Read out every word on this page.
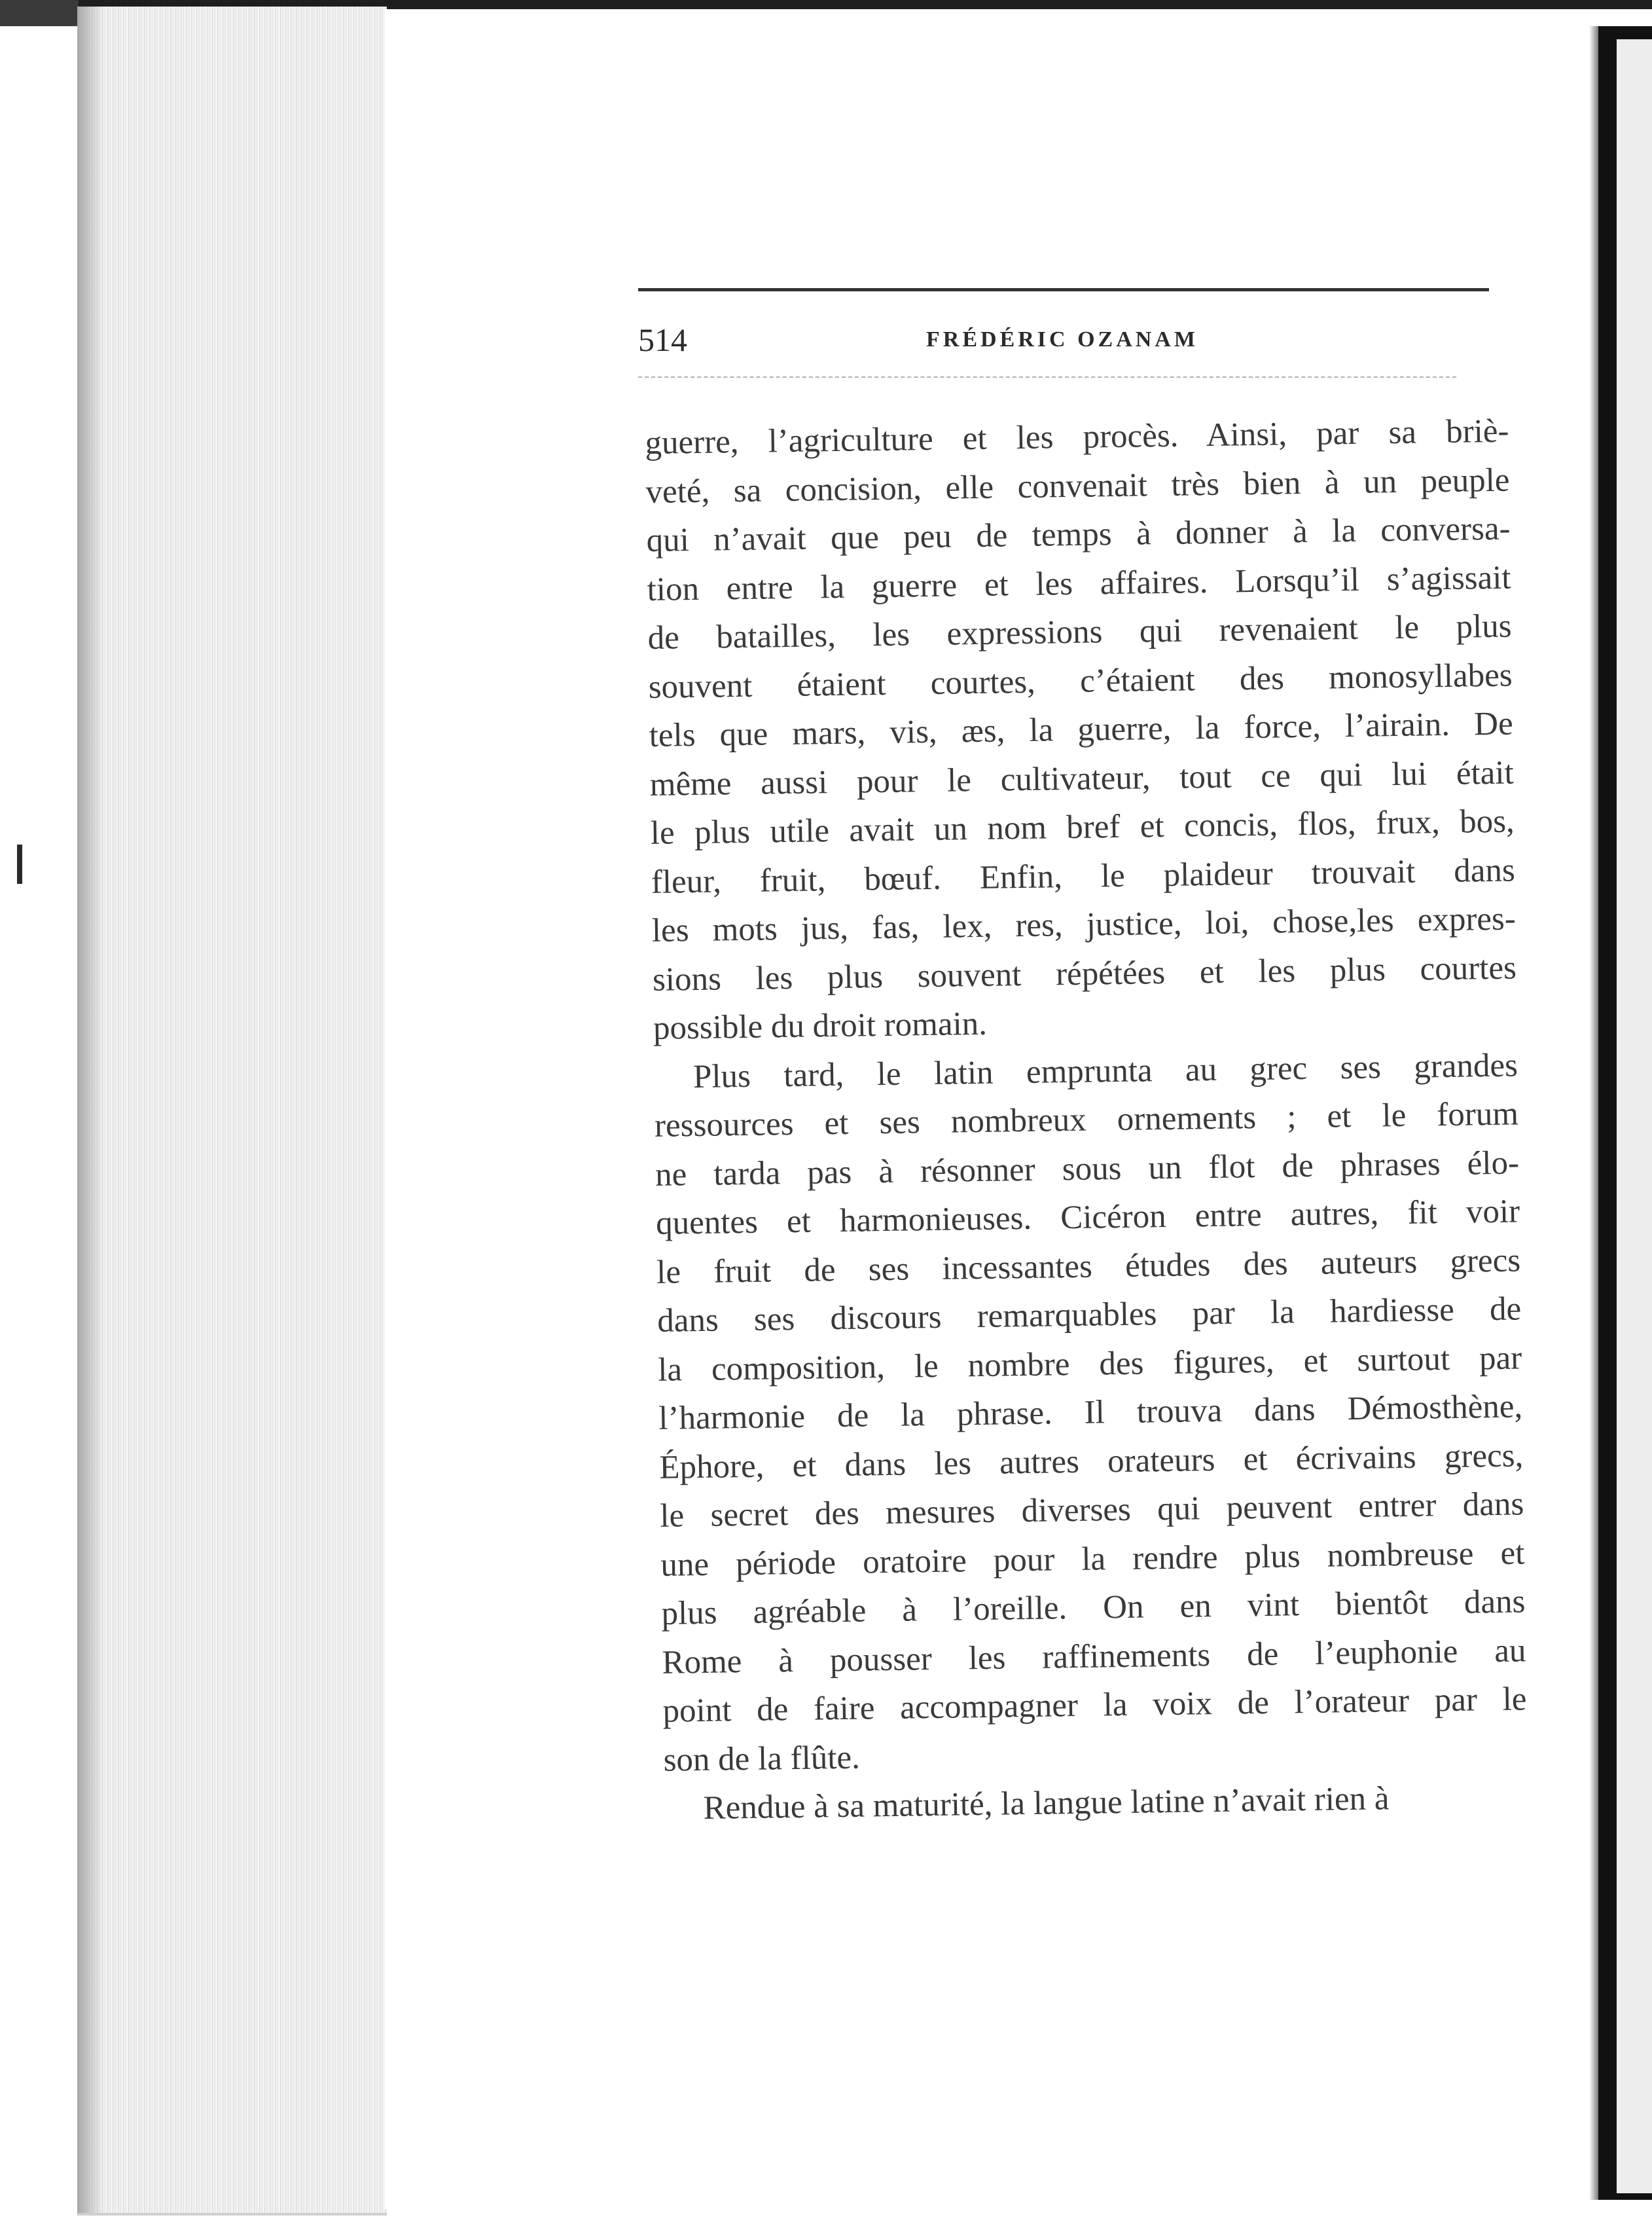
514	FRÉDÉRIC OZANAM
guerre, l’agriculture et les procès. Ainsi, par sa briè-
veté, sa concision, elle convenait très bien à un peuple
qui n’avait que peu de temps à donner à la conversa-
tion entre la guerre et les affaires. Lorsqu’il s’agissait
de batailles, les expressions qui revenaient le plus
souvent étaient courtes, c’étaient des monosyllabes
tels que mars, vis, æs, la guerre, la force, l’airain. De
même aussi pour le cultivateur, tout ce qui lui était
le plus utile avait un nom bref et concis, flos, frux, bos,
fleur, fruit, bœuf. Enfin, le plaideur trouvait dans
les mots jus, fas, lex, res, justice, loi, chose,les expres-
sions les plus souvent répétées et les plus courtes
possible du droit romain.
Plus tard, le latin emprunta au grec ses grandes
ressources et ses nombreux ornements ; et le forum
ne tarda pas à résonner sous un flot de phrases élo-
quentes et harmonieuses. Cicéron entre autres, fit voir
le fruit de ses incessantes études des auteurs grecs
dans ses discours remarquables par la hardiesse de
la composition, le nombre des figures, et surtout par
l’harmonie de la phrase. Il trouva dans Démosthène,
Éphore, et dans les autres orateurs et écrivains grecs,
le secret des mesures diverses qui peuvent entrer dans
une période oratoire pour la rendre plus nombreuse et
plus agréable à l’oreille. On en vint bientôt dans
Rome à pousser les raffinements de l’euphonie au
point de faire accompagner la voix de l’orateur par le
son de la flûte.
Rendue à sa maturité, la langue latine n’avait rien à
